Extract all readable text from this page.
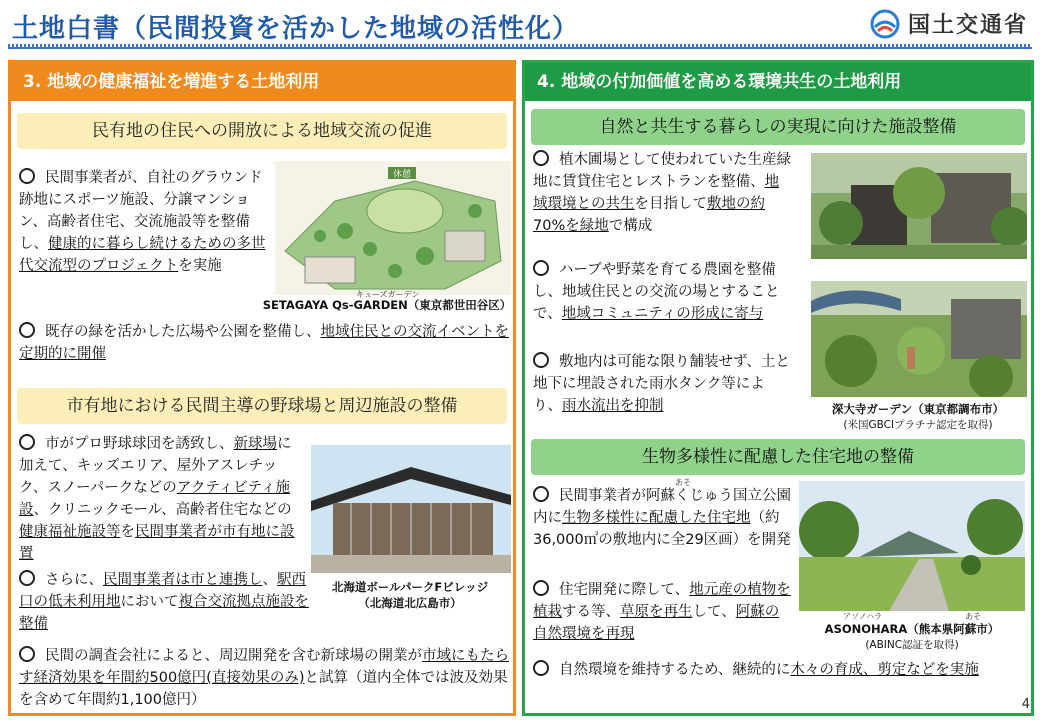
土地白書（民間投資を活かした地域の活性化）	国土交通省
3. 地域の健康福祉を増進する土地利用
民有地の住民への開放による地域交流の促進
民間事業者が、自社のグラウンド跡地にスポーツ施設、分譲マンション、高齢者住宅、交流施設等を整備し、健康的に暮らし続けるための多世代交流型のプロジェクトを実施
休憩
キューズガーデン
SETAGAYA Qs-GARDEN（東京都世田谷区）
既存の緑を活かした広場や公園を整備し、地域住民との交流イベントを定期的に開催
市有地における民間主導の野球場と周辺施設の整備
市がプロ野球球団を誘致し、新球場に加えて、キッズエリア、屋外アスレチック、スノーパークなどのアクティビティ施設、クリニックモール、高齢者住宅などの健康福祉施設等を民間事業者が市有地に設置
北海道ボールパークFビレッジ
（北海道北広島市）
さらに、民間事業者は市と連携し、駅西口の低未利用地において複合交流拠点施設を整備
民間の調査会社によると、周辺開発を含む新球場の開業が市域にもたらす経済効果を年間約500億円(直接効果のみ)と試算（道内全体では波及効果を含めて年間約1,100億円）
4. 地域の付加価値を高める環境共生の土地利用
自然と共生する暮らしの実現に向けた施設整備
植木圃場として使われていた生産緑地に賃貸住宅とレストランを整備、地域環境との共生を目指して敷地の約70%を緑地で構成
ハーブや野菜を育てる農園を整備し、地域住民との交流の場とすることで、地域コミュニティの形成に寄与
敷地内は可能な限り舗装せず、土と地下に埋設された雨水タンク等により、雨水流出を抑制	深大寺ガーデン（東京都調布市）
(米国GBCIプラチナ認定を取得)
生物多様性に配慮した住宅地の整備
あそ
民間事業者が阿蘇くじゅう国立公園内に生物多様性に配慮した住宅地（約36,000㎡の敷地内に全29区画）を開発
住宅開発に際して、地元産の植物を植栽する等、草原を再生して、阿蘇の自然環境を再現
アソノハラ	あそ
ASONOHARA（熊本県阿蘇市）
(ABINC認証を取得)
自然環境を維持するため、継続的に木々の育成、剪定などを実施
4
